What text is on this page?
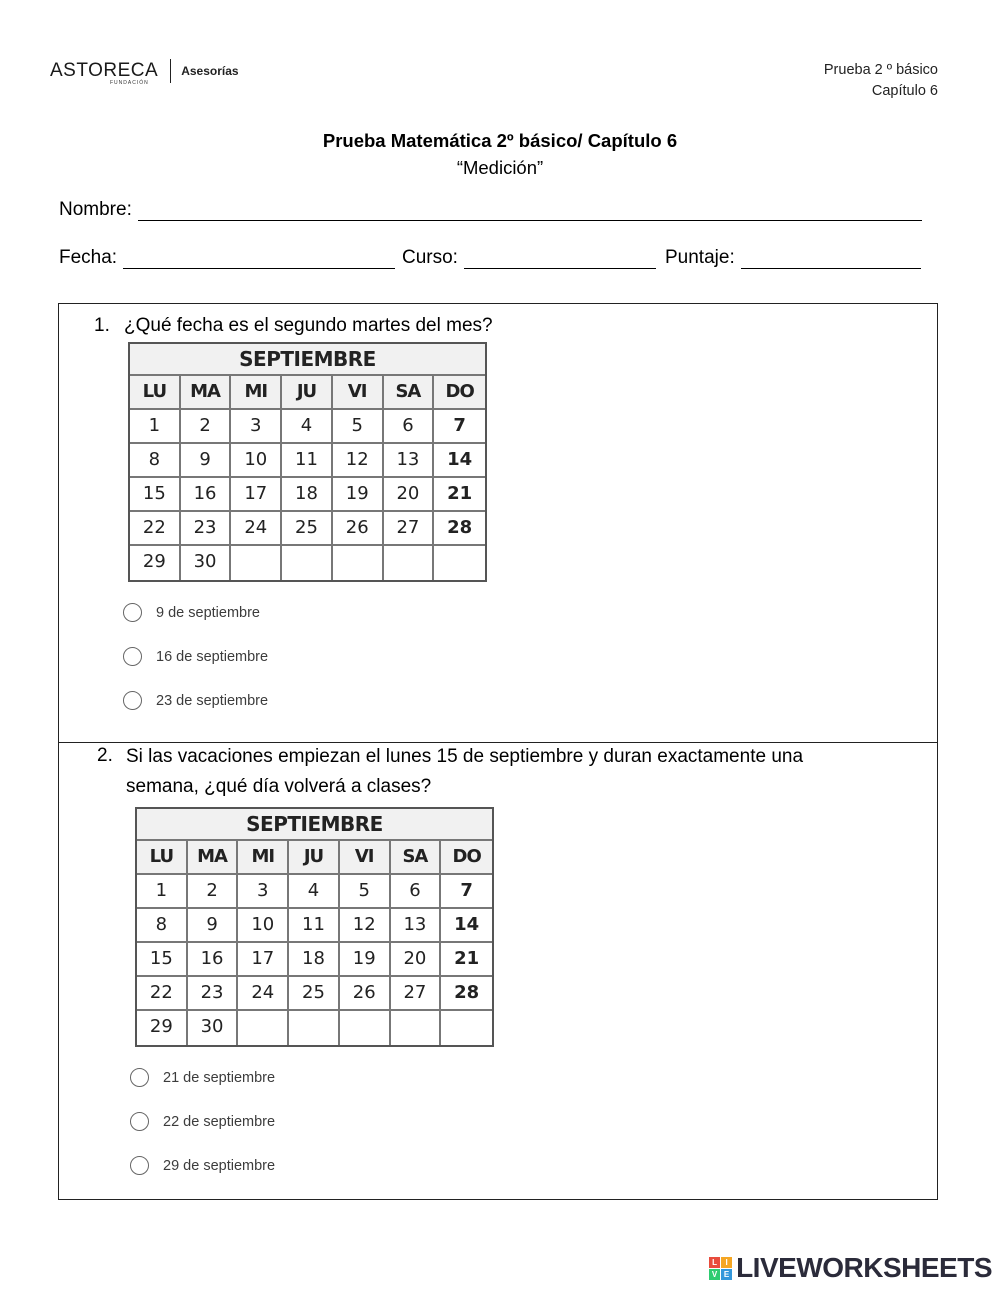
ASTORECA
FUNDACIÓN
Asesorías	Prueba 2 º básico
Capítulo 6
Prueba Matemática 2º básico/ Capítulo 6
“Medición”
Nombre:
Fecha:	Curso:	Puntaje:
1. ¿Qué fecha es el segundo martes del mes?
SEPTIEMBRE
LU	MA	MI	JU	VI	SA	DO
1	2	3	4	5	6	7
8	9	10	11	12	13	14
15	16	17	18	19	20	21
22	23	24	25	26	27	28
29	30
9 de septiembre
16 de septiembre
23 de septiembre
2. Si las vacaciones empiezan el lunes 15 de septiembre y duran exactamente una
semana, ¿qué día volverá a clases?
SEPTIEMBRE
LU	MA	MI	JU	VI	SA	DO
1	2	3	4	5	6	7
8	9	10	11	12	13	14
15	16	17	18	19	20	21
22	23	24	25	26	27	28
29	30
21 de septiembre
22 de septiembre
29 de septiembre
L	I
V E LIVEWORKSHEETS
